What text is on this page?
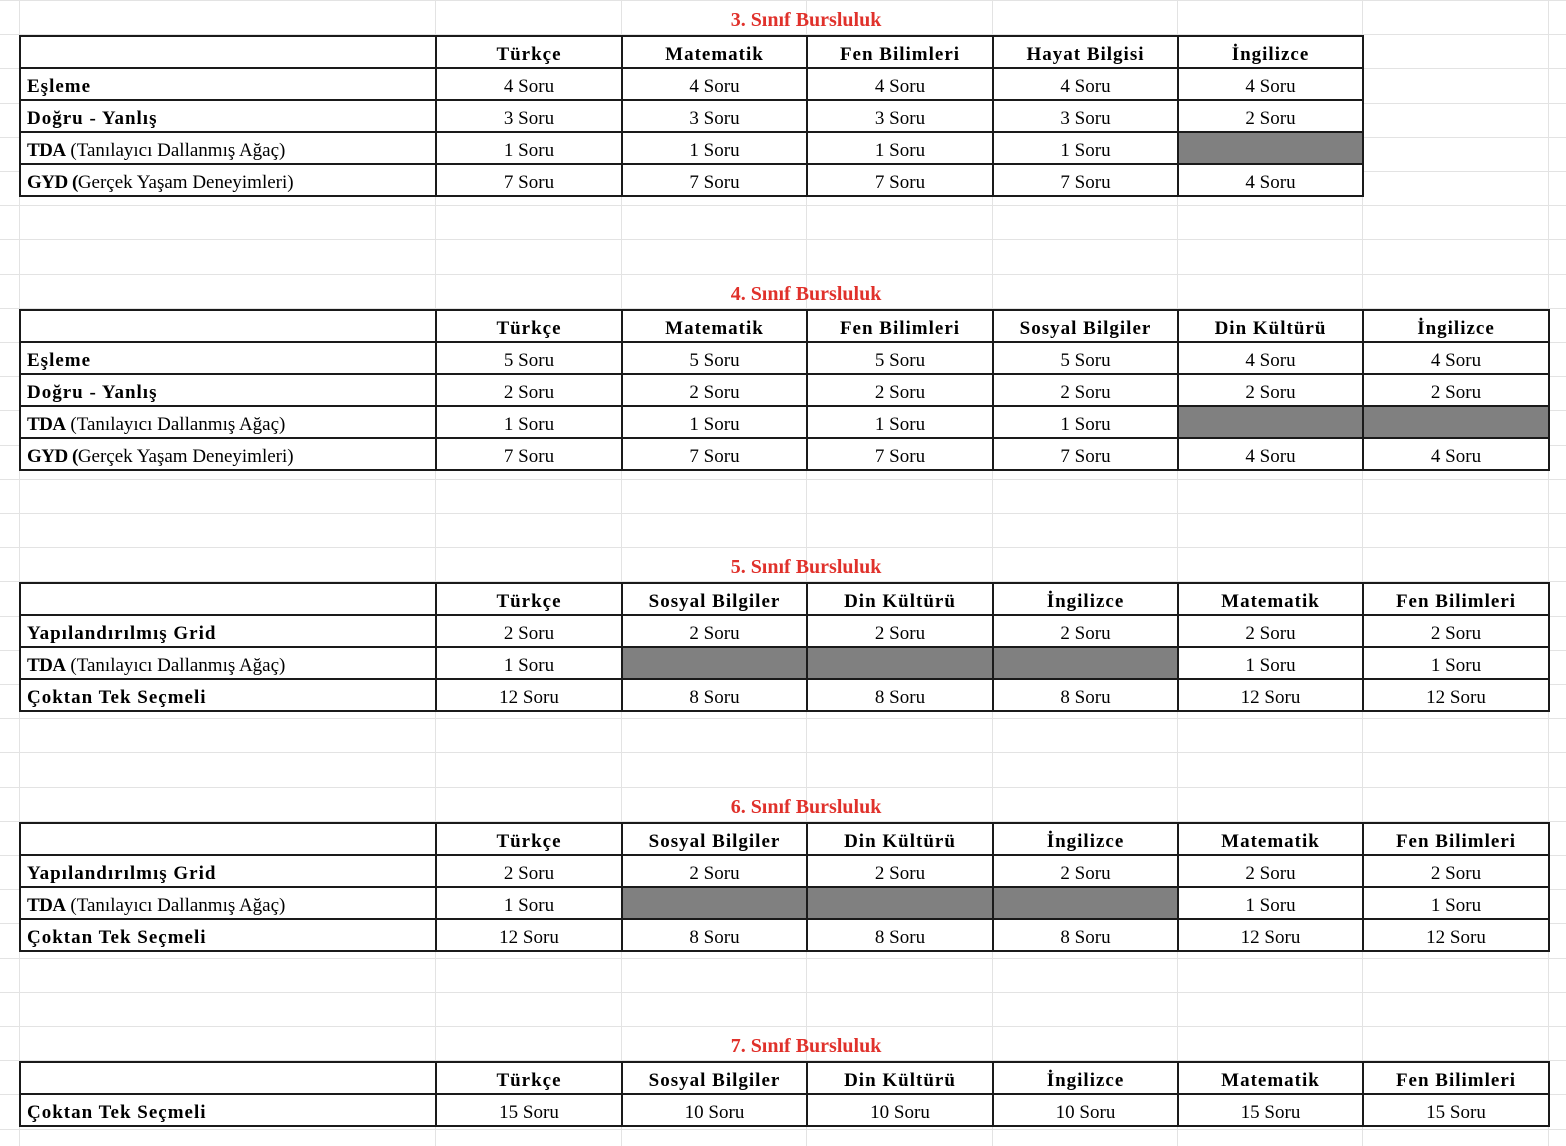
3. Sınıf Bursluluk
	Türkçe	Matematik	Fen Bilimleri	Hayat Bilgisi	İngilizce
Eşleme	4 Soru	4 Soru	4 Soru	4 Soru	4 Soru
Doğru - Yanlış	3 Soru	3 Soru	3 Soru	3 Soru	2 Soru
TDA (Tanılayıcı Dallanmış Ağaç)	1 Soru	1 Soru	1 Soru	1 Soru	
GYD (Gerçek Yaşam Deneyimleri)	7 Soru	7 Soru	7 Soru	7 Soru	4 Soru
4. Sınıf Bursluluk
	Türkçe	Matematik	Fen Bilimleri	Sosyal Bilgiler	Din Kültürü	İngilizce
Eşleme	5 Soru	5 Soru	5 Soru	5 Soru	4 Soru	4 Soru
Doğru - Yanlış	2 Soru	2 Soru	2 Soru	2 Soru	2 Soru	2 Soru
TDA (Tanılayıcı Dallanmış Ağaç)	1 Soru	1 Soru	1 Soru	1 Soru		
GYD (Gerçek Yaşam Deneyimleri)	7 Soru	7 Soru	7 Soru	7 Soru	4 Soru	4 Soru
5. Sınıf Bursluluk
	Türkçe	Sosyal Bilgiler	Din Kültürü	İngilizce	Matematik	Fen Bilimleri
Yapılandırılmış Grid	2 Soru	2 Soru	2 Soru	2 Soru	2 Soru	2 Soru
TDA (Tanılayıcı Dallanmış Ağaç)	1 Soru				1 Soru	1 Soru
Çoktan Tek Seçmeli	12 Soru	8 Soru	8 Soru	8 Soru	12 Soru	12 Soru
6. Sınıf Bursluluk
	Türkçe	Sosyal Bilgiler	Din Kültürü	İngilizce	Matematik	Fen Bilimleri
Yapılandırılmış Grid	2 Soru	2 Soru	2 Soru	2 Soru	2 Soru	2 Soru
TDA (Tanılayıcı Dallanmış Ağaç)	1 Soru				1 Soru	1 Soru
Çoktan Tek Seçmeli	12 Soru	8 Soru	8 Soru	8 Soru	12 Soru	12 Soru
7. Sınıf Bursluluk
	Türkçe	Sosyal Bilgiler	Din Kültürü	İngilizce	Matematik	Fen Bilimleri
Çoktan Tek Seçmeli	15 Soru	10 Soru	10 Soru	10 Soru	15 Soru	15 Soru
